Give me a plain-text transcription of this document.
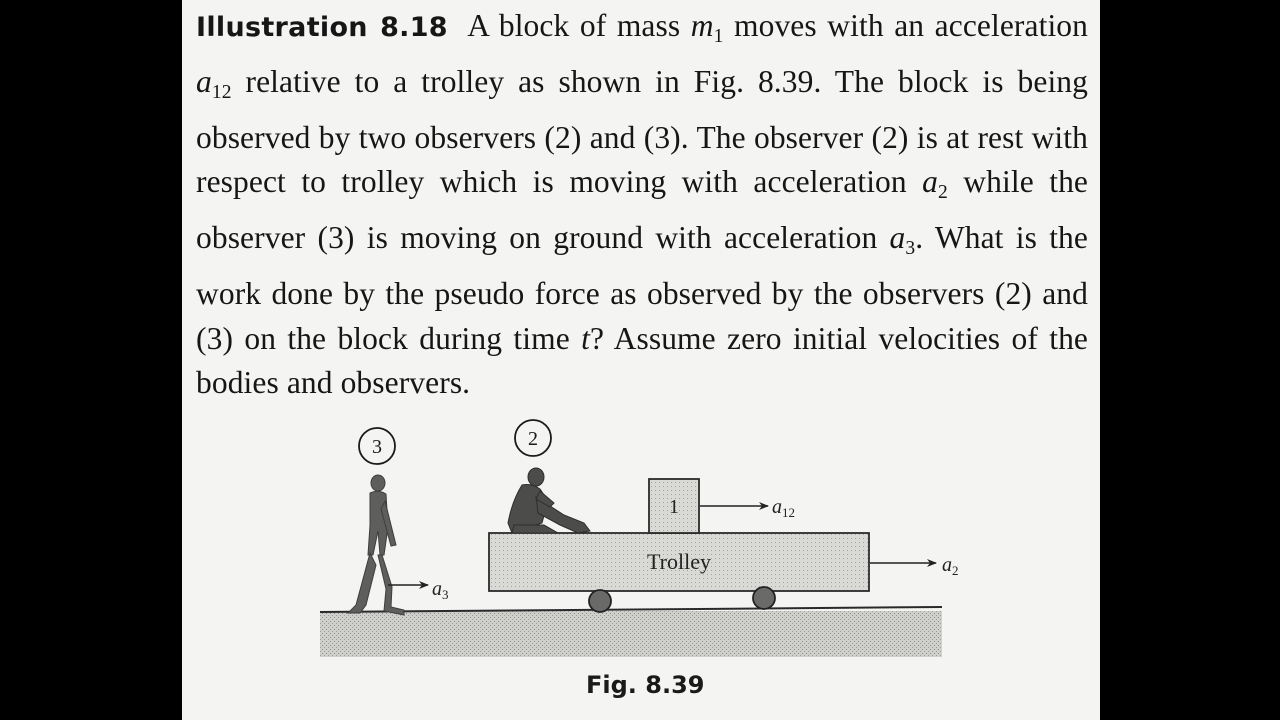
Illustration 8.18 A block of mass $m_1$ moves with an acceleration $a_{12}$ relative to a trolley as shown in Fig. 8.39. The block is being observed by two observers (2) and (3). The observer (2) is at rest with respect to trolley which is moving with acceleration $a_2$ while the observer (3) is moving on ground with acceleration $a_3$. What is the work done by the pseudo force as observed by the observers (2) and (3) on the block during time t? Assume zero initial velocities of the bodies and observers.
$a_3$
3
Trolley
1	$a_{12}$
$a_2$
2
Fig. 8.39
